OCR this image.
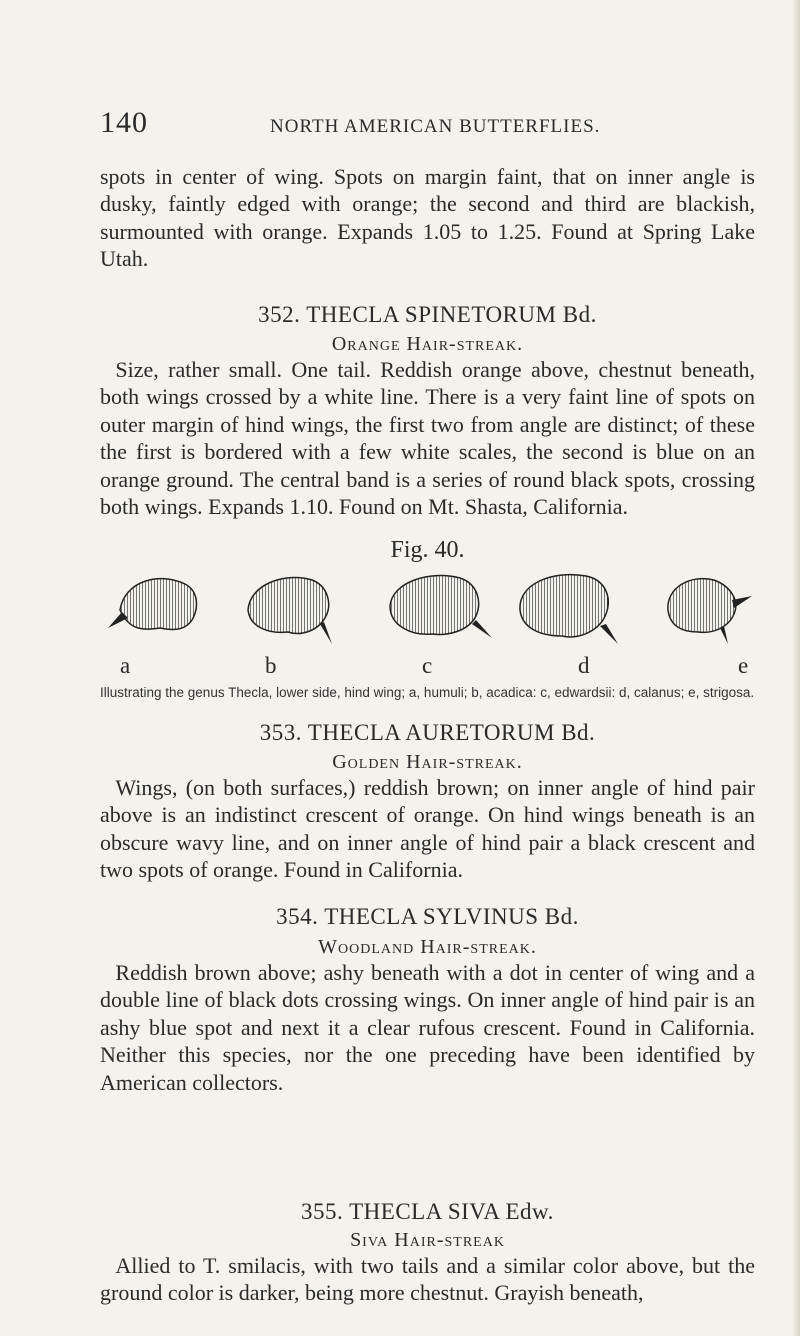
140	NORTH AMERICAN BUTTERFLIES.
spots in center of wing. Spots on margin faint, that on inner angle is dusky, faintly edged with orange; the second and third are blackish, surmounted with orange. Expands 1.05 to 1.25. Found at Spring Lake Utah.
352. THECLA SPINETORUM Bd.
Orange Hair-streak.
Size, rather small. One tail. Reddish orange above, chestnut beneath, both wings crossed by a white line. There is a very faint line of spots on outer margin of hind wings, the first two from angle are distinct; of these the first is bordered with a few white scales, the second is blue on an orange ground. The central band is a series of round black spots, crossing both wings. Expands 1.10. Found on Mt. Shasta, California.
Fig. 40.
a	b	c	d	e
Illustrating the genus Thecla, lower side, hind wing; a, humuli; b, acadica: c, edwardsii: d, calanus; e, strigosa.
353. THECLA AURETORUM Bd.
Golden Hair-streak.
Wings, (on both surfaces,) reddish brown; on inner angle of hind pair above is an indistinct crescent of orange. On hind wings beneath is an obscure wavy line, and on inner angle of hind pair a black crescent and two spots of orange. Found in California.
354. THECLA SYLVINUS Bd.
Woodland Hair-streak.
Reddish brown above; ashy beneath with a dot in center of wing and a double line of black dots crossing wings. On inner angle of hind pair is an ashy blue spot and next it a clear rufous crescent. Found in California. Neither this species, nor the one preceding have been identified by American collectors.
355. THECLA SIVA Edw.
Siva Hair-streak
Allied to T. smilacis, with two tails and a similar color above, but the ground color is darker, being more chestnut. Grayish beneath,
